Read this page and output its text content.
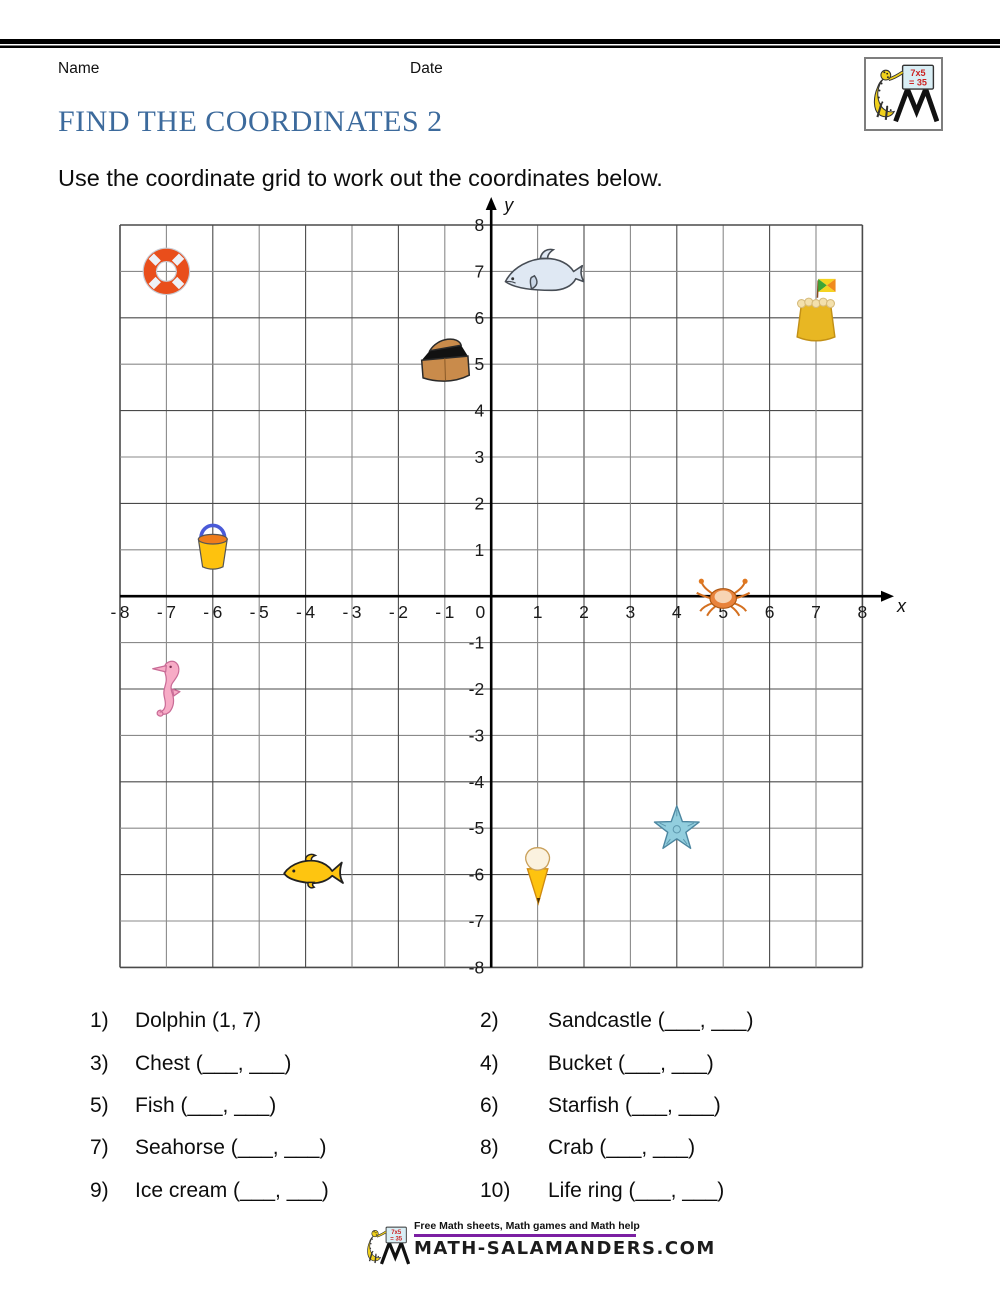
Name	Date
FIND THE COORDINATES 2

Use the coordinate grid to work out the coordinates below.

y
x
- 8
-8
- 7
-7
- 6
-6
- 5
-5
- 4
-4
- 3
-3
- 2
-2
- 1
-1
0	1
1
2
2
3
3
4
4
5
5
6
6
7
7
8
8
1)	Dolphin (1, 7)	2)	Sandcastle (___, ___)
3)	Chest (___, ___)	4)	Bucket (___, ___)
5)	Fish (___, ___)	6)	Starfish (___, ___)
7)	Seahorse (___, ___)	8)	Crab (___, ___)
9)	Ice cream (___, ___)	10)	Life ring (___, ___)
Free Math sheets, Math games and Math help
MATH-SALAMANDERS.COM
